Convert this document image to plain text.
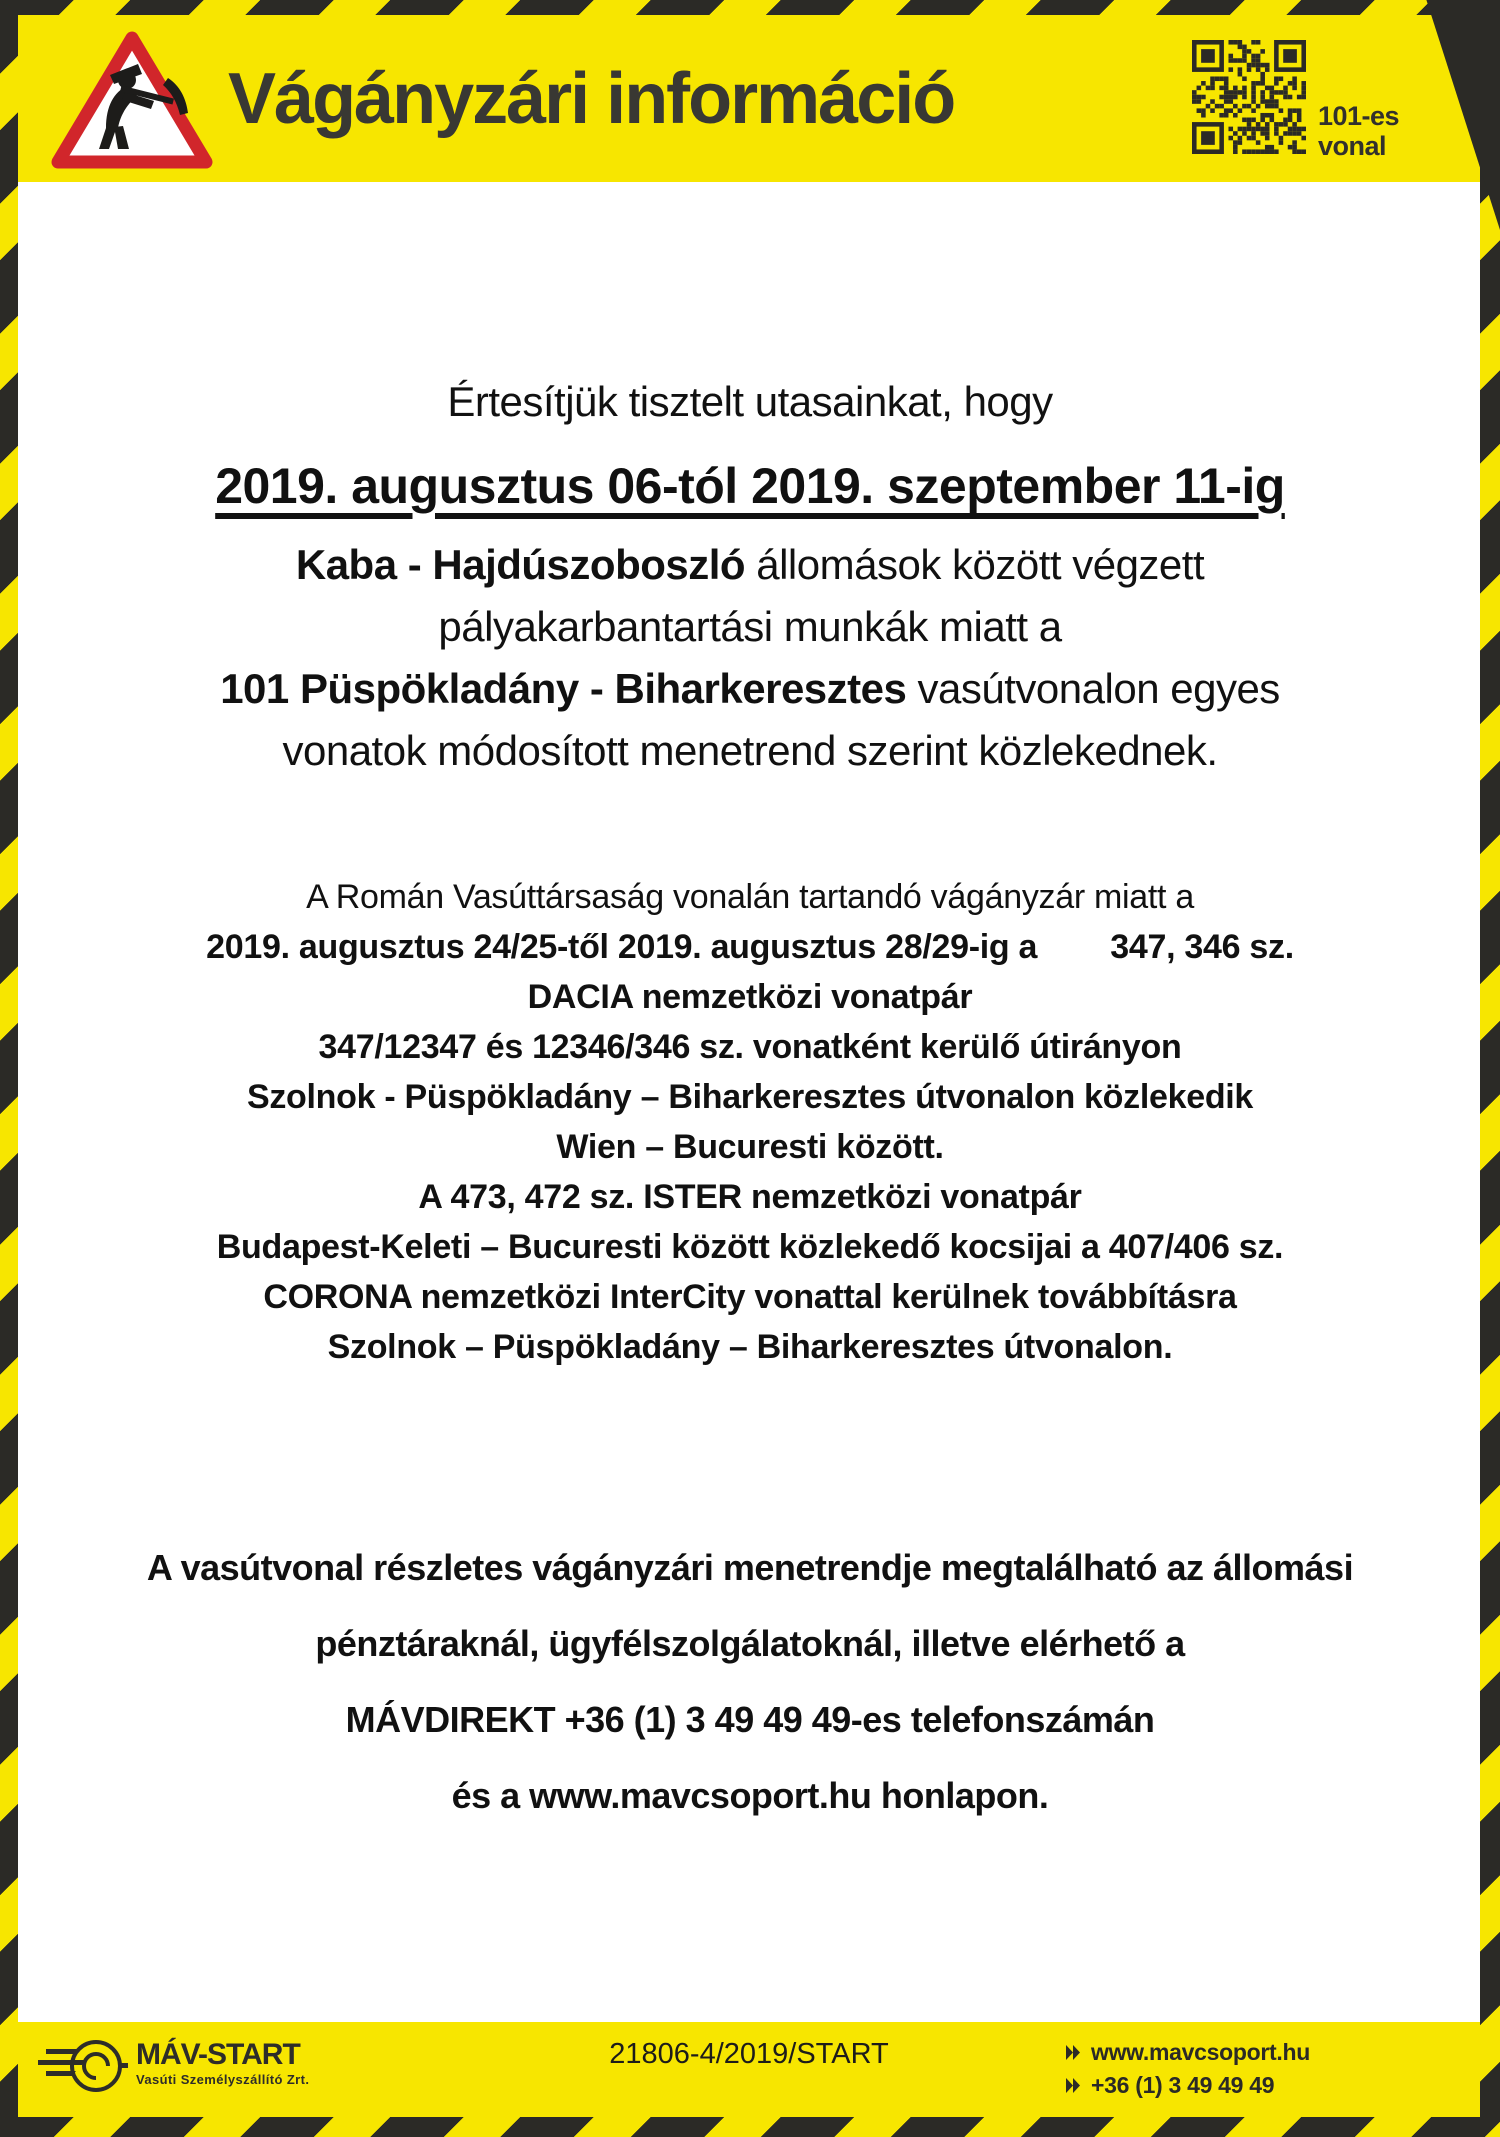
Vágányzári információ	101-es
vonal
Értesítjük tisztelt utasainkat, hogy
2019. augusztus 06-tól 2019. szeptember 11-ig
Kaba - Hajdúszoboszló állomások között végzett
pályakarbantartási munkák miatt a
101 Püspökladány - Biharkeresztes vasútvonalon egyes
vonatok módosított menetrend szerint közlekednek.
A Román Vasúttársaság vonalán tartandó vágányzár miatt a
2019. augusztus 24/25-től 2019. augusztus 28/29-ig a        347, 346 sz.
DACIA nemzetközi vonatpár
347/12347 és 12346/346 sz. vonatként kerülő útirányon
Szolnok - Püspökladány – Biharkeresztes útvonalon közlekedik
Wien – Bucuresti között.
A 473, 472 sz. ISTER nemzetközi vonatpár
Budapest-Keleti – Bucuresti között közlekedő kocsijai a 407/406 sz.
CORONA nemzetközi InterCity vonattal kerülnek továbbításra
Szolnok – Püspökladány – Biharkeresztes útvonalon.
A vasútvonal részletes vágányzári menetrendje megtalálható az állomási
pénztáraknál, ügyfélszolgálatoknál, illetve elérhető a
MÁVDIREKT +36 (1) 3 49 49 49-es telefonszámán
és a www.mavcsoport.hu honlapon.
MÁV-START
Vasúti Személyszállító Zrt.
21806-4/2019/START	www.mavcsoport.hu
+36 (1) 3 49 49 49
